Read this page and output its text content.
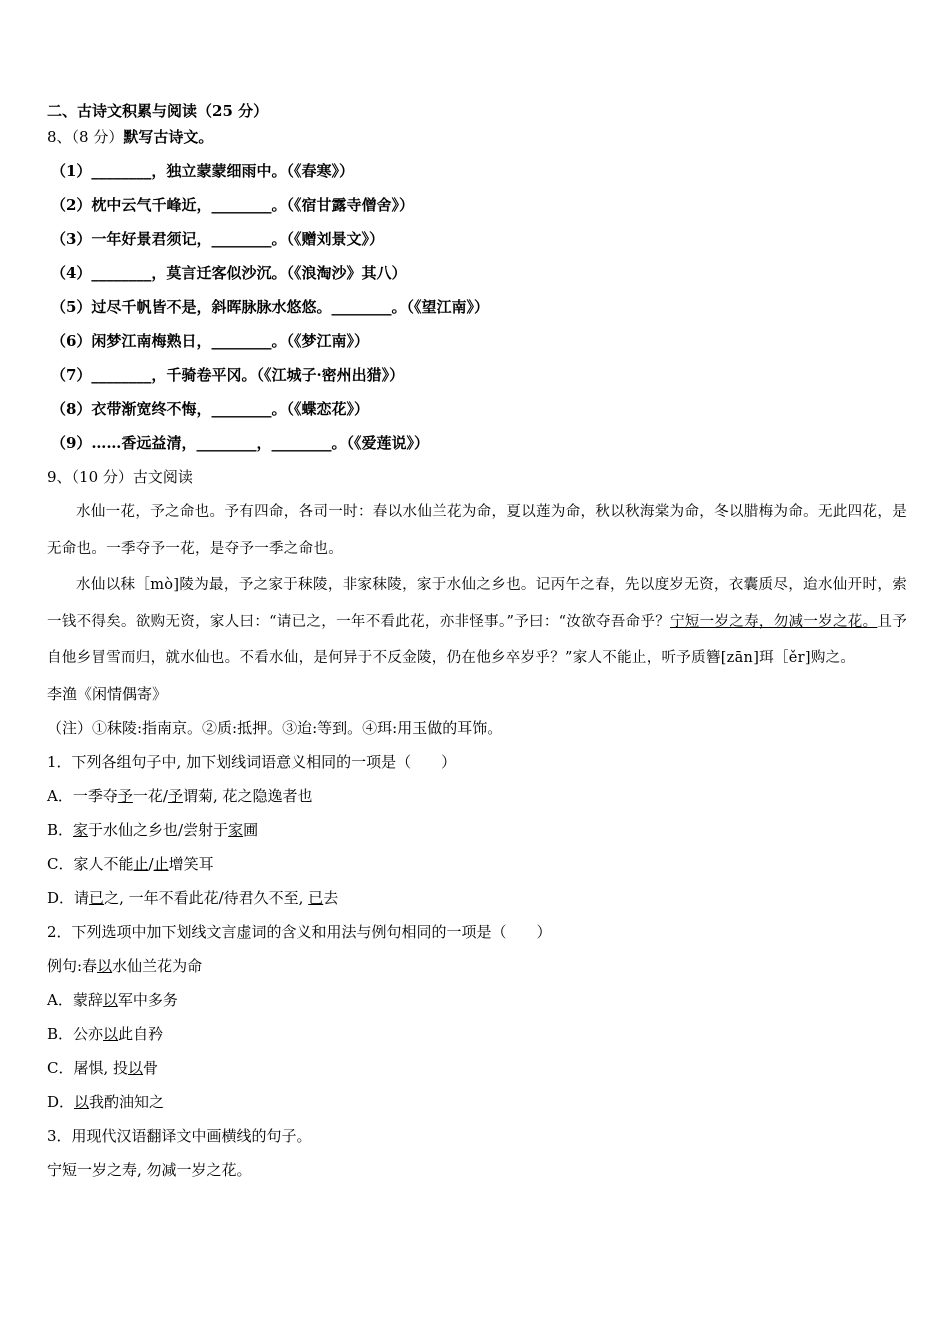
二、古诗文积累与阅读（25 分）
8、（8 分）默写古诗文。
（1）________，独立蒙蒙细雨中。（《春寒》）
（2）枕中云气千峰近，________。（《宿甘露寺僧舍》）
（3）一年好景君须记，________。（《赠刘景文》）
（4）________，莫言迁客似沙沉。（《浪淘沙》其八）
（5）过尽千帆皆不是，斜晖脉脉水悠悠。________。（《望江南》）
（6）闲梦江南梅熟日，________。（《梦江南》）
（7）________，千骑卷平冈。（《江城子·密州出猎》）
（8）衣带渐宽终不悔，________。（《蝶恋花》）
（9）……香远益清，________，________。（《爱莲说》）
9、（10 分）古文阅读

水仙一花，予之命也。予有四命，各司一时：春以水仙兰花为命，夏以莲为命，秋以秋海棠为命，冬以腊梅为命。无此四花，是无命也。一季夺予一花，是夺予一季之命也。

水仙以秣［mò]陵为最，予之家于秣陵，非家秣陵，家于水仙之乡也。记丙午之春，先以度岁无资，衣囊质尽，迨水仙开时，索一钱不得矣。欲购无资，家人曰：“请已之，一年不看此花，亦非怪事。”予曰：“汝欲夺吾命乎？宁短一岁之寿，勿减一岁之花。且予自他乡冒雪而归，就水仙也。不看水仙，是何异于不反金陵，仍在他乡卒岁乎？”家人不能止，听予质簪[zān]珥［ěr]购之。

李渔《闲情偶寄》
（注）①秣陵:指南京。②质:抵押。③迨:等到。④珥:用玉做的耳饰。
1．下列各组句子中, 加下划线词语意义相同的一项是（　　）
A．一季夺予一花/予谓菊, 花之隐逸者也
B．家于水仙之乡也/尝射于家圃
C．家人不能止/止增笑耳
D．请已之, 一年不看此花/待君久不至, 已去
2．下列选项中加下划线文言虚词的含义和用法与例句相同的一项是（　　）
例句:春以水仙兰花为命
A．蒙辞以军中多务
B．公亦以此自矜
C．屠惧, 投以骨
D．以我酌油知之
3．用现代汉语翻译文中画横线的句子。
宁短一岁之寿, 勿减一岁之花。
